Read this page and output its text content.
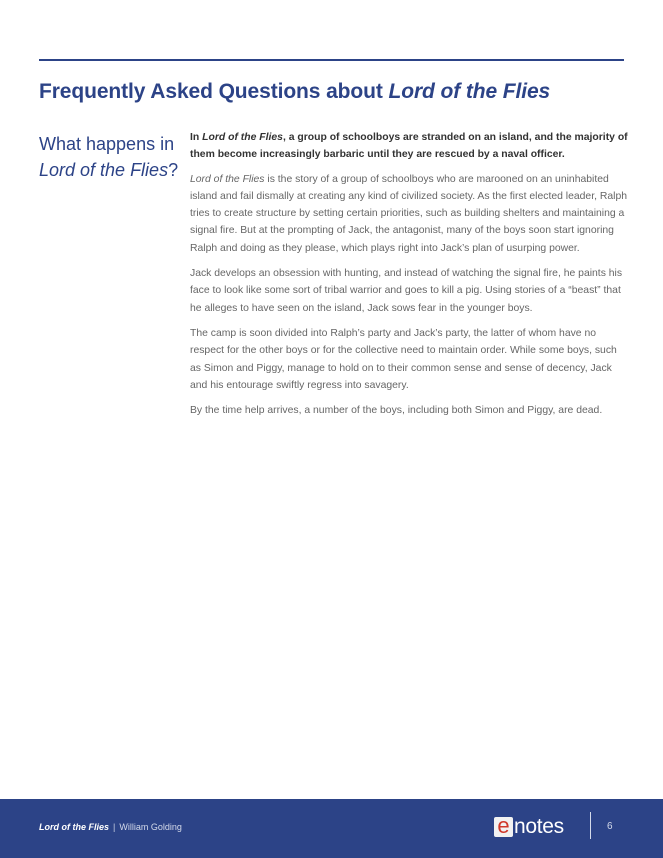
Frequently Asked Questions about Lord of the Flies
What happens in Lord of the Flies?

In Lord of the Flies, a group of schoolboys are stranded on an island, and the majority of them become increasingly barbaric until they are rescued by a naval officer.

Lord of the Flies is the story of a group of schoolboys who are marooned on an uninhabited island and fail dismally at creating any kind of civilized society. As the first elected leader, Ralph tries to create structure by setting certain priorities, such as building shelters and maintaining a signal fire. But at the prompting of Jack, the antagonist, many of the boys soon start ignoring Ralph and doing as they please, which plays right into Jack’s plan of usurping power.

Jack develops an obsession with hunting, and instead of watching the signal fire, he paints his face to look like some sort of tribal warrior and goes to kill a pig. Using stories of a “beast” that he alleges to have seen on the island, Jack sows fear in the younger boys.

The camp is soon divided into Ralph’s party and Jack’s party, the latter of whom have no respect for the other boys or for the collective need to maintain order. While some boys, such as Simon and Piggy, manage to hold on to their common sense and sense of decency, Jack and his entourage swiftly regress into savagery.

By the time help arrives, a number of the boys, including both Simon and Piggy, are dead.

Lord of the Flies | William Golding	e notes	6
